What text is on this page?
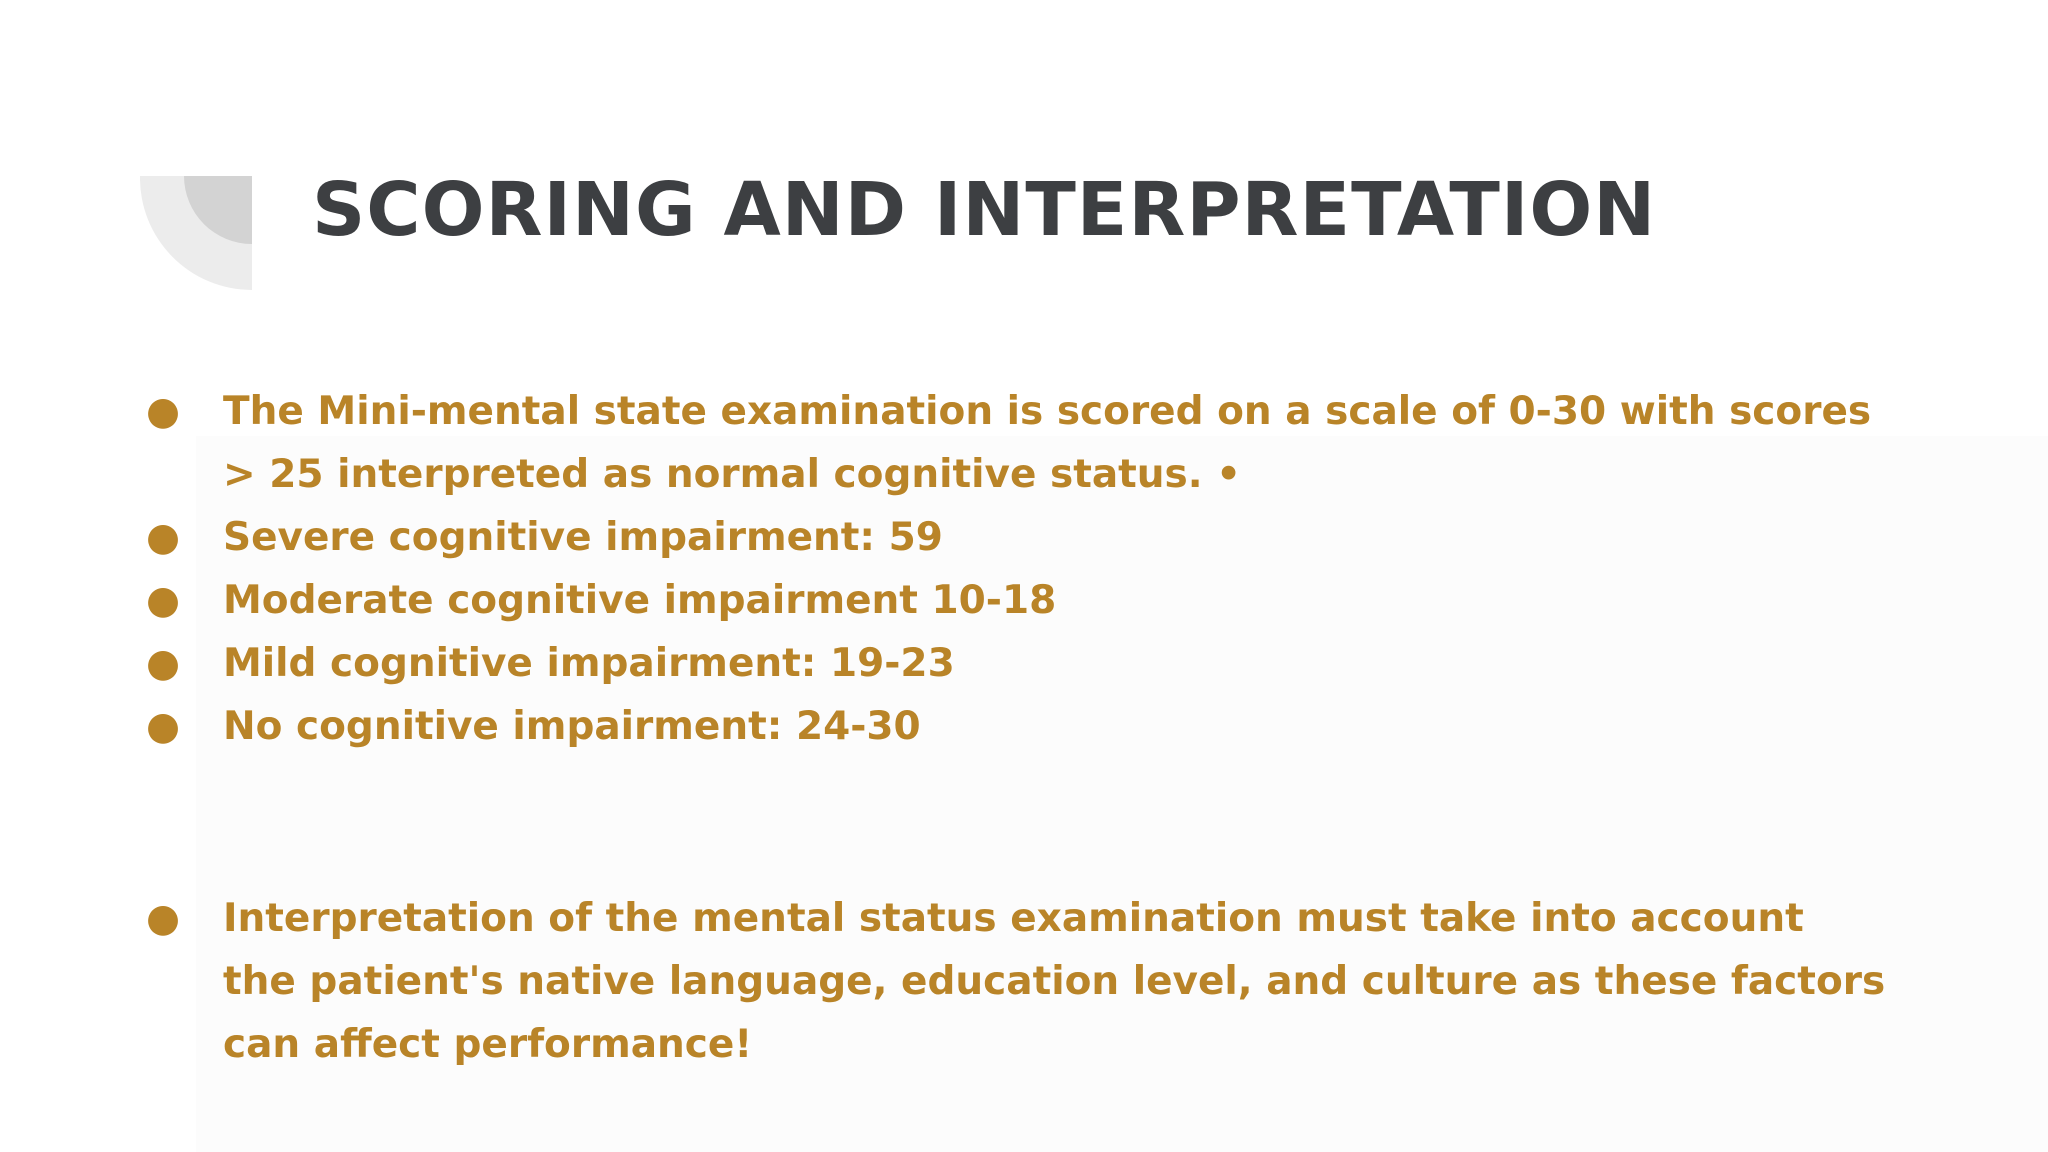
SCORING AND INTERPRETATION
● The Mini-mental state examination is scored on a scale of 0-30 with scores > 25 interpreted as normal cognitive status. •
● Severe cognitive impairment: 59
● Moderate cognitive impairment 10-18
● Mild cognitive impairment: 19-23
● No cognitive impairment: 24-30
● Interpretation of the mental status examination must take into account the patient's native language, education level, and culture as these factors can affect performance!
